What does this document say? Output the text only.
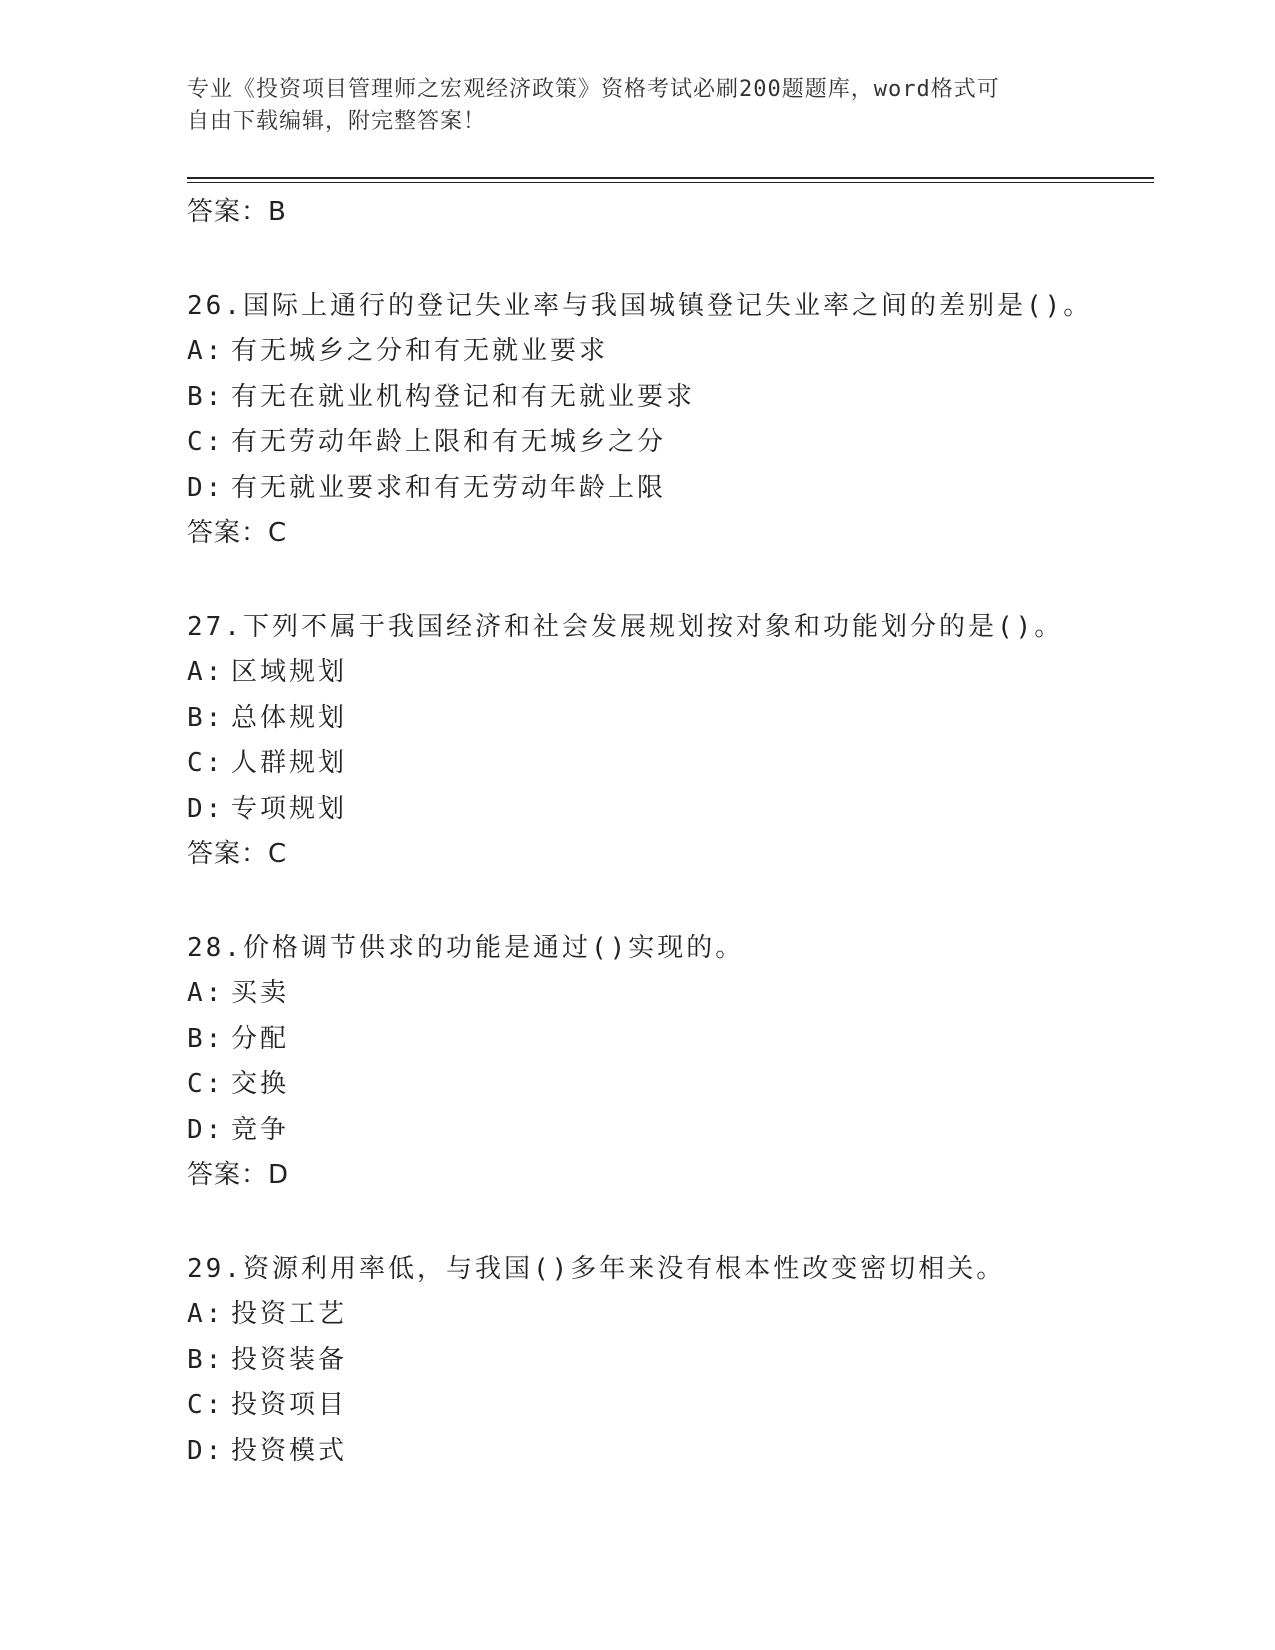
专业《投资项目管理师之宏观经济政策》资格考试必刷200题题库，word格式可
自由下载编辑，附完整答案！
答案：B
26.国际上通行的登记失业率与我国城镇登记失业率之间的差别是()。
A: 有无城乡之分和有无就业要求
B: 有无在就业机构登记和有无就业要求
C: 有无劳动年龄上限和有无城乡之分
D: 有无就业要求和有无劳动年龄上限
答案：C
27.下列不属于我国经济和社会发展规划按对象和功能划分的是()。
A: 区域规划
B: 总体规划
C: 人群规划
D: 专项规划
答案：C
28.价格调节供求的功能是通过()实现的。
A: 买卖
B: 分配
C: 交换
D: 竞争
答案：D
29.资源利用率低，与我国()多年来没有根本性改变密切相关。
A: 投资工艺
B: 投资装备
C: 投资项目
D: 投资模式
